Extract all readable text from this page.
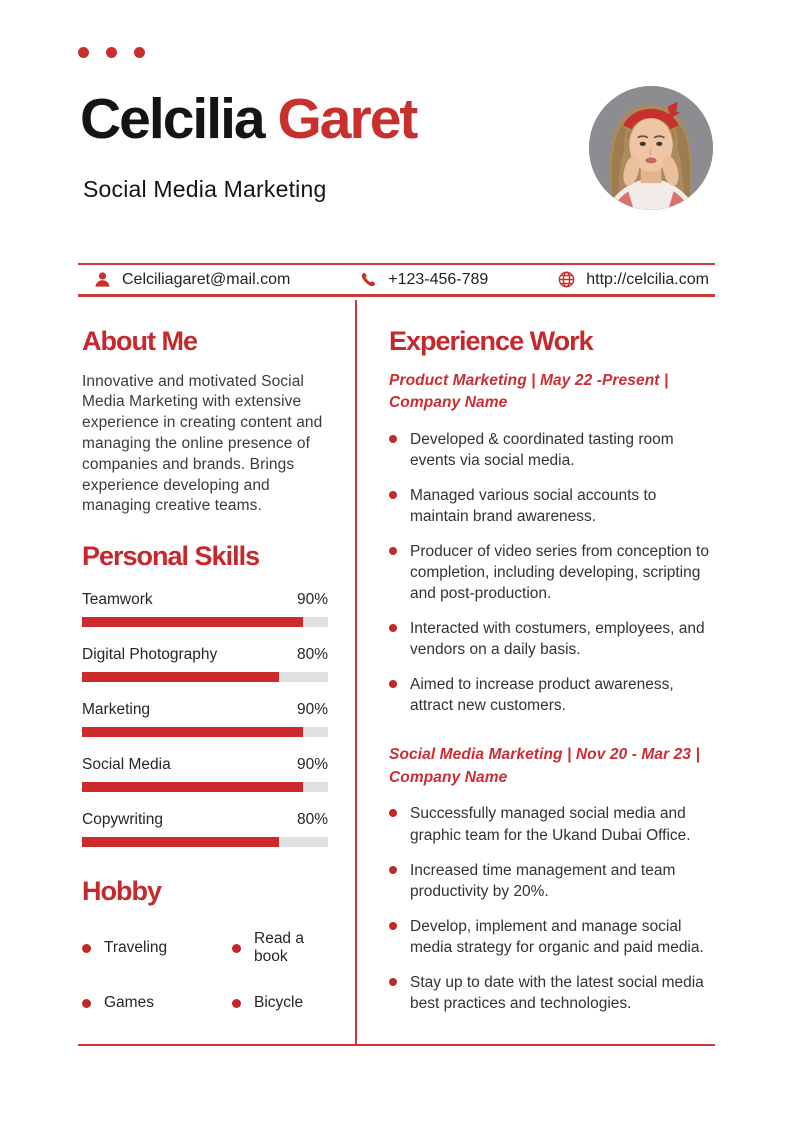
Celcilia Garet
Social Media Marketing
Celciliagaret@mail.com	+123-456-789	http://celcilia.com
About Me
Innovative and motivated Social Media Marketing with extensive experience in creating content and managing the online presence of companies and brands. Brings experience developing and managing creative teams.
Personal Skills
Teamwork	90%
Digital Photography	80%
Marketing	90%
Social Media	90%
Copywriting	80%
Hobby
Traveling
Read a book
Games	Bicycle
Experience Work
Product Marketing | May 22 -Present | Company Name
Developed & coordinated tasting room events via social media.
Managed various social accounts to maintain brand awareness.
Producer of video series from conception to completion, including developing, scripting and post-production.
Interacted with costumers, employees, and vendors on a daily basis.
Aimed to increase product awareness, attract new customers.
Social Media Marketing | Nov 20 - Mar 23 | Company Name
Successfully managed social media and graphic team for the Ukand Dubai Office.
Increased time management and team productivity by 20%.
Develop, implement and manage social media strategy for organic and paid media.
Stay up to date with the latest social media best practices and technologies.
